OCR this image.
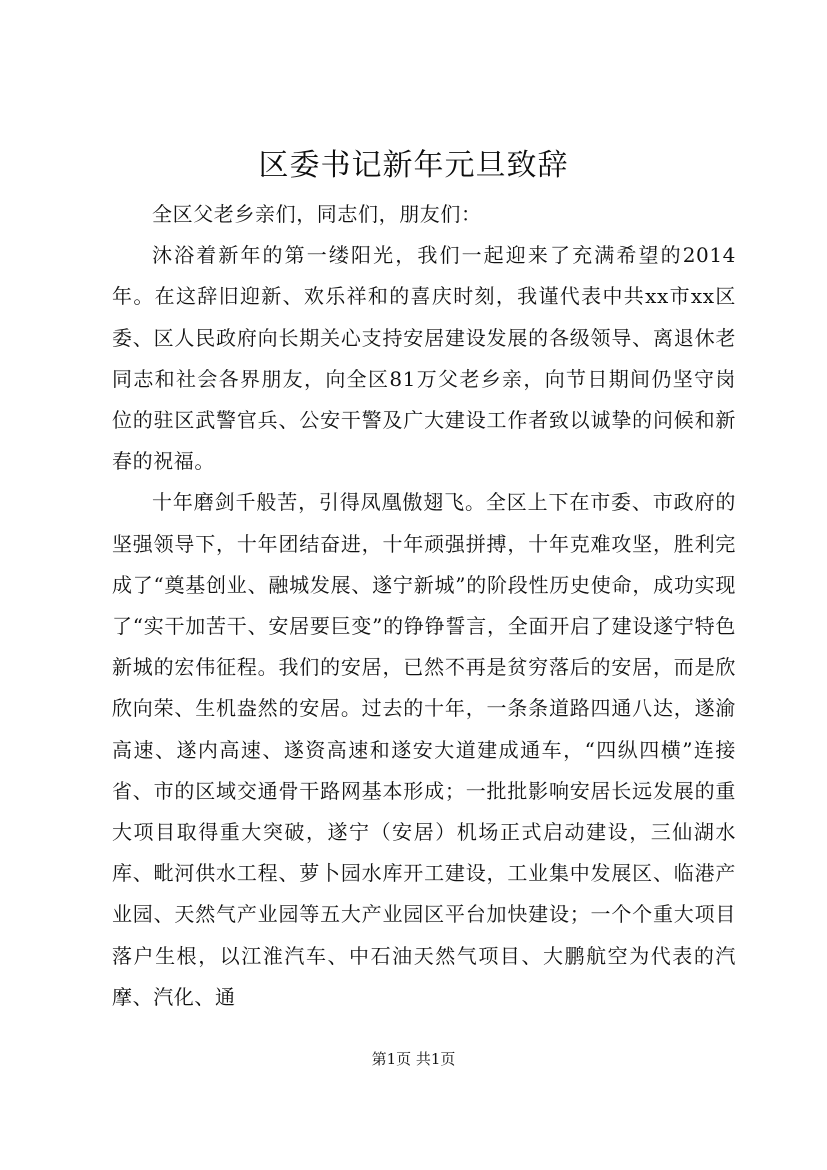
区委书记新年元旦致辞

全区父老乡亲们，同志们，朋友们：

沐浴着新年的第一缕阳光，我们一起迎来了充满希望的2014年。在这辞旧迎新、欢乐祥和的喜庆时刻，我谨代表中共xx市xx区委、区人民政府向长期关心支持安居建设发展的各级领导、离退休老同志和社会各界朋友，向全区81万父老乡亲，向节日期间仍坚守岗位的驻区武警官兵、公安干警及广大建设工作者致以诚挚的问候和新春的祝福。

十年磨剑千般苦，引得凤凰傲翅飞。全区上下在市委、市政府的坚强领导下，十年团结奋进，十年顽强拼搏，十年克难攻坚，胜利完成了“奠基创业、融城发展、遂宁新城”的阶段性历史使命，成功实现了“实干加苦干、安居要巨变”的铮铮誓言，全面开启了建设遂宁特色新城的宏伟征程。我们的安居，已然不再是贫穷落后的安居，而是欣欣向荣、生机盎然的安居。过去的十年，一条条道路四通八达，遂渝高速、遂内高速、遂资高速和遂安大道建成通车，“四纵四横”连接省、市的区域交通骨干路网基本形成；一批批影响安居长远发展的重大项目取得重大突破，遂宁（安居）机场正式启动建设，三仙湖水库、毗河供水工程、萝卜园水库开工建设，工业集中发展区、临港产业园、天然气产业园等五大产业园区平台加快建设；一个个重大项目落户生根，以江淮汽车、中石油天然气项目、大鹏航空为代表的汽摩、汽化、通

第1页 共1页
